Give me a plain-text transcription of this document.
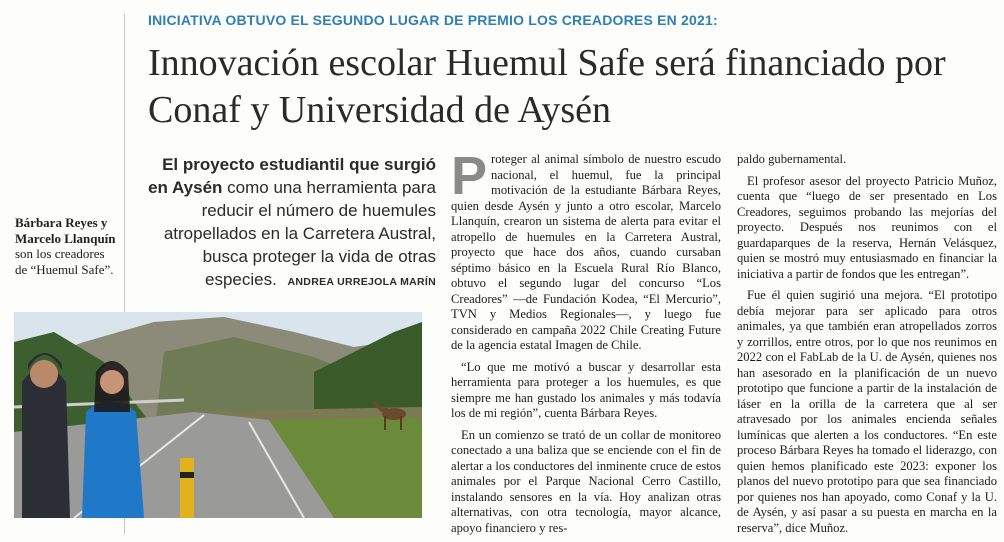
INICIATIVA OBTUVO EL SEGUNDO LUGAR DE PREMIO LOS CREADORES EN 2021:
Innovación escolar Huemul Safe será financiado por Conaf y Universidad de Aysén
El proyecto estudiantil que surgió en Aysén como una herramienta para reducir el número de huemules atropellados en la Carretera Austral, busca proteger la vida de otras especies. ANDREA URREJOLA MARÍN
Bárbara Reyes y Marcelo Llanquín son los creadores de “Huemul Safe”.

P roteger al animal símbolo de nuestro escudo nacional, el huemul, fue la principal motivación de la estudiante Bárbara Reyes, quien desde Aysén y junto a otro escolar, Marcelo Llanquín, crearon un sistema de alerta para evitar el atropello de huemules en la Carretera Austral, proyecto que hace dos años, cuando cursaban séptimo básico en la Escuela Rural Río Blanco, obtuvo el segundo lugar del concurso “Los Creadores” —de Fundación Kodea, “El Mercurio”, TVN y Medios Regionales—, y luego fue considerado en campaña 2022 Chile Creating Future de la agencia estatal Imagen de Chile.

“Lo que me motivó a buscar y desarrollar esta herramienta para proteger a los huemules, es que siempre me han gustado los animales y más todavía los de mi región”, cuenta Bárbara Reyes.

En un comienzo se trató de un collar de monitoreo conectado a una baliza que se enciende con el fin de alertar a los conductores del inminente cruce de estos animales por el Parque Nacional Cerro Castillo, instalando sensores en la vía. Hoy analizan otras alternativas, con otra tecnología, mayor alcance, apoyo financiero y res-

paldo gubernamental.

El profesor asesor del proyecto Patricio Muñoz, cuenta que “luego de ser presentado en Los Creadores, seguimos probando las mejorías del proyecto. Después nos reunimos con el guardaparques de la reserva, Hernán Velásquez, quien se mostró muy entusiasmado en financiar la iniciativa a partir de fondos que les entregan”.

Fue él quien sugirió una mejora. “El prototipo debía mejorar para ser aplicado para otros animales, ya que también eran atropellados zorros y zorrillos, entre otros, por lo que nos reunimos en 2022 con el FabLab de la U. de Aysén, quienes nos han asesorado en la planificación de un nuevo prototipo que funcione a partir de la instalación de láser en la orilla de la carretera que al ser atravesado por los animales encienda señales lumínicas que alerten a los conductores. “En este proceso Bárbara Reyes ha tomado el liderazgo, con quien hemos planificado este 2023: exponer los planos del nuevo prototipo para que sea financiado por quienes nos han apoyado, como Conaf y la U. de Aysén, y así pasar a su puesta en marcha en la reserva”, dice Muñoz.
